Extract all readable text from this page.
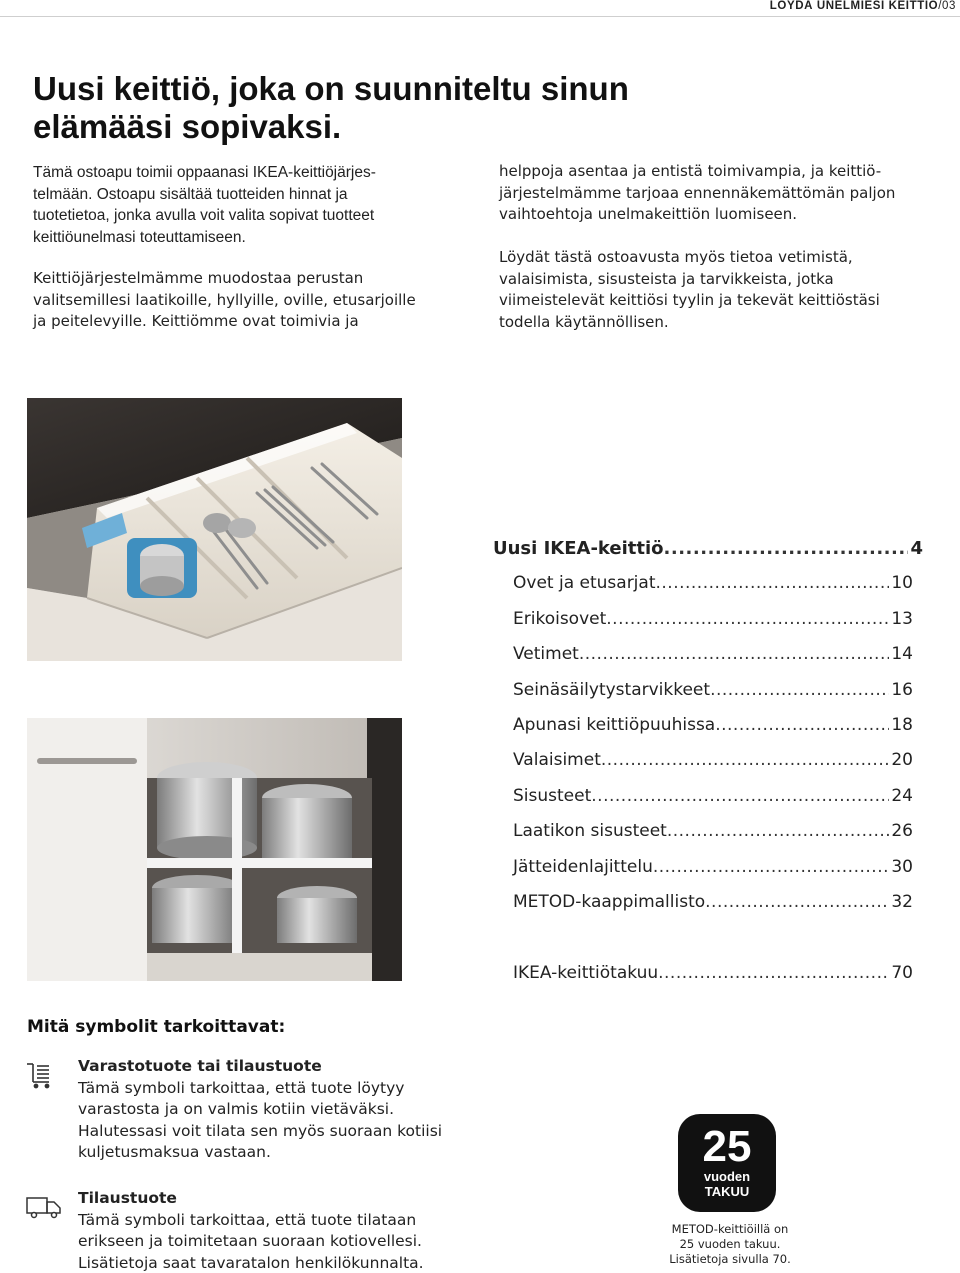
LÖYDÄ UNELMIESI KEITTIÖ/03
Uusi keittiö, joka on suunniteltu sinun
elämääsi sopivaksi.
Tämä ostoapu toimii oppaanasi IKEA-keittiöjärjes-
telmään. Ostoapu sisältää tuotteiden hinnat ja
tuotetietoa, jonka avulla voit valita sopivat tuotteet
keittiöunelmasi toteuttamiseen.
Keittiöjärjestelmämme muodostaa perustan
valitsemillesi laatikoille, hyllyille, oville, etusarjoille
ja peitelevyille. Keittiömme ovat toimivia ja
helppoja asentaa ja entistä toimivampia, ja keittiö-
järjestelmämme tarjoaa ennennäkemättömän paljon
vaihtoehtoja unelmakeittiön luomiseen.
Löydät tästä ostoavusta myös tietoa vetimistä,
valaisimista, sisusteista ja tarvikkeista, jotka
viimeistelevät keittiösi tyylin ja tekevät keittiöstäsi
todella käytännöllisen.
Uusi IKEA-keittiö .....	4
Ovet ja etusarjat .....	10
Erikoisovet .....	13
Vetimet .....	14
Seinäsäilytystarvikkeet .....	16
Apunasi keittiöpuuhissa .....	18
Valaisimet .....	20
Sisusteet .....	24
Laatikon sisusteet .....	26
Jätteidenlajittelu .....	30
METOD-kaappimallisto .....	32
IKEA-keittiötakuu .....	70
Mitä symbolit tarkoittavat:
Varastotuote tai tilaustuote
Tämä symboli tarkoittaa, että tuote löytyy
varastosta ja on valmis kotiin vietäväksi.
Halutessasi voit tilata sen myös suoraan kotiisi
kuljetusmaksua vastaan.
Tilaustuote
Tämä symboli tarkoittaa, että tuote tilataan
erikseen ja toimitetaan suoraan kotiovellesi.
Lisätietoja saat tavaratalon henkilökunnalta.
25
vuoden
TAKUU
METOD-keittiöillä on
25 vuoden takuu.
Lisätietoja sivulla 70.
